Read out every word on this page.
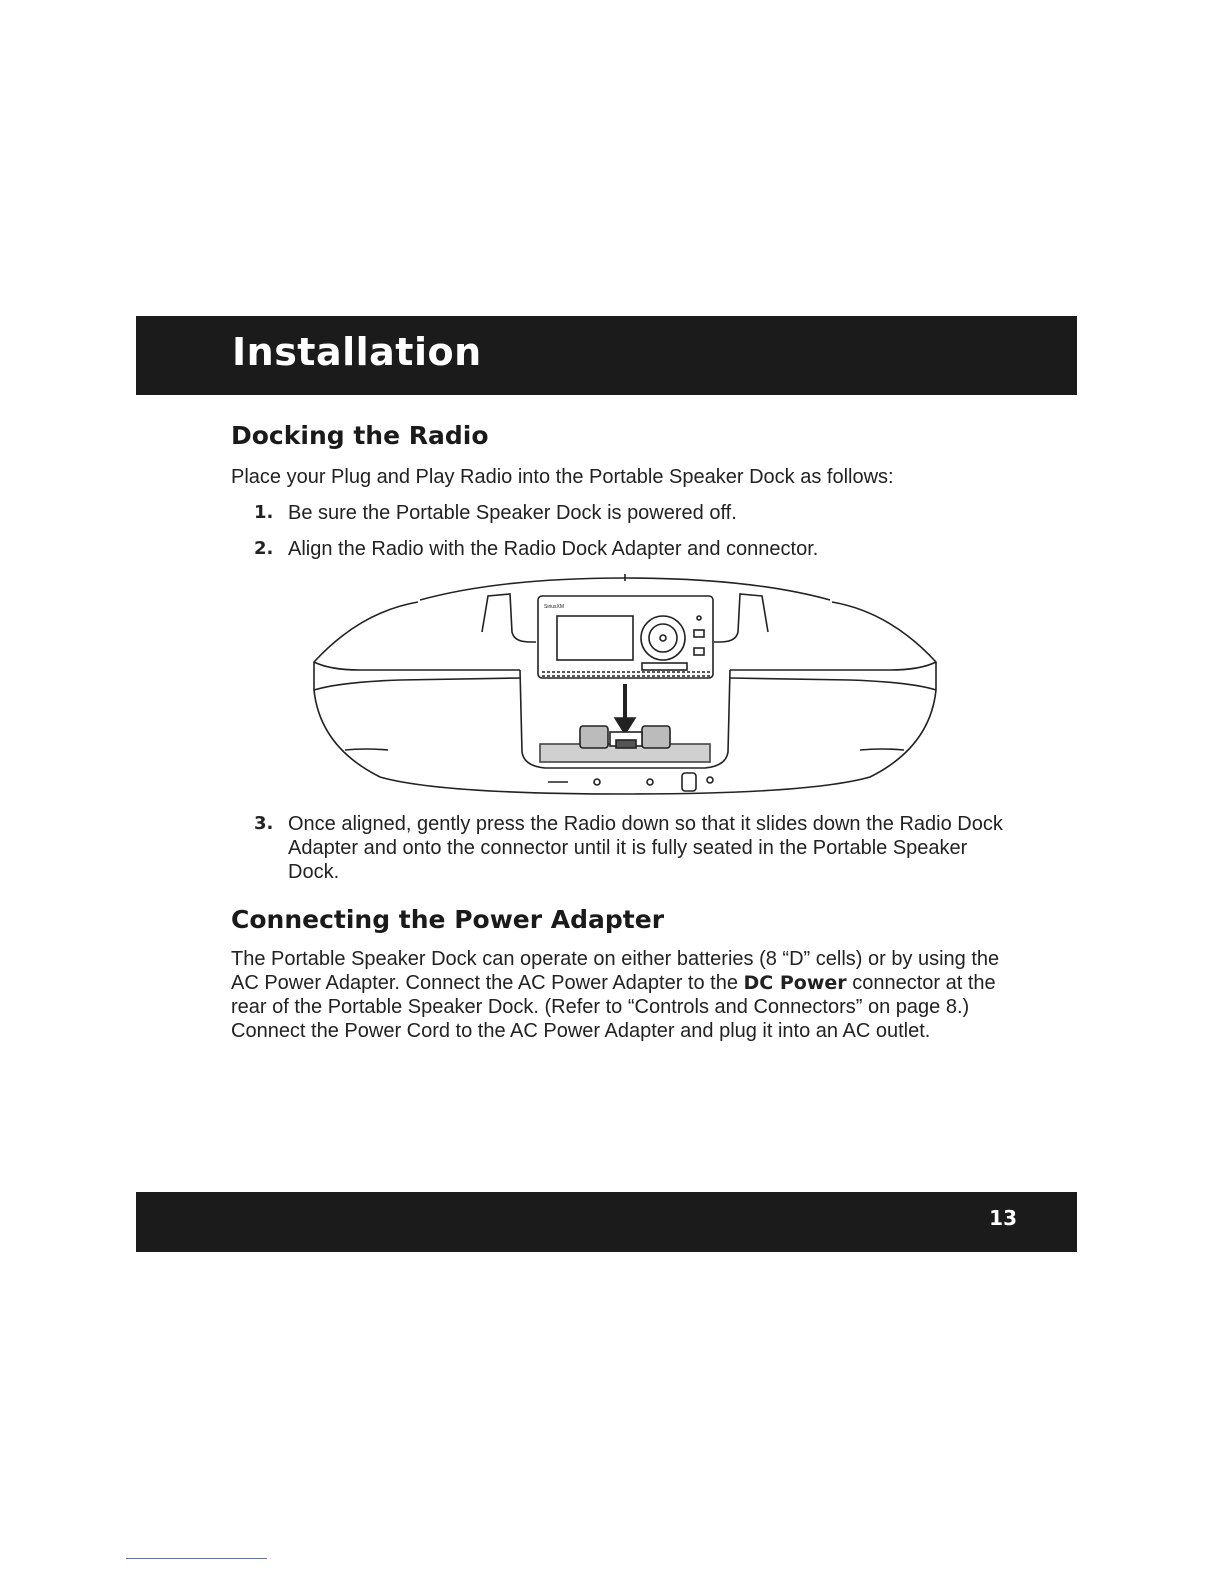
Installation
Docking the Radio

Place your Plug and Play Radio into the Portable Speaker Dock as follows:

1. Be sure the Portable Speaker Dock is powered off.
2. Align the Radio with the Radio Dock Adapter and connector.
SiriusXM
3. Once aligned, gently press the Radio down so that it slides down the Radio Dock Adapter and onto the connector until it is fully seated in the Portable Speaker Dock.
Connecting the Power Adapter

The Portable Speaker Dock can operate on either batteries (8 “D” cells) or by using the AC Power Adapter. Connect the AC Power Adapter to the DC Power connector at the rear of the Portable Speaker Dock. (Refer to “Controls and Connectors” on page 8.) Connect the Power Cord to the AC Power Adapter and plug it into an AC outlet.

13
